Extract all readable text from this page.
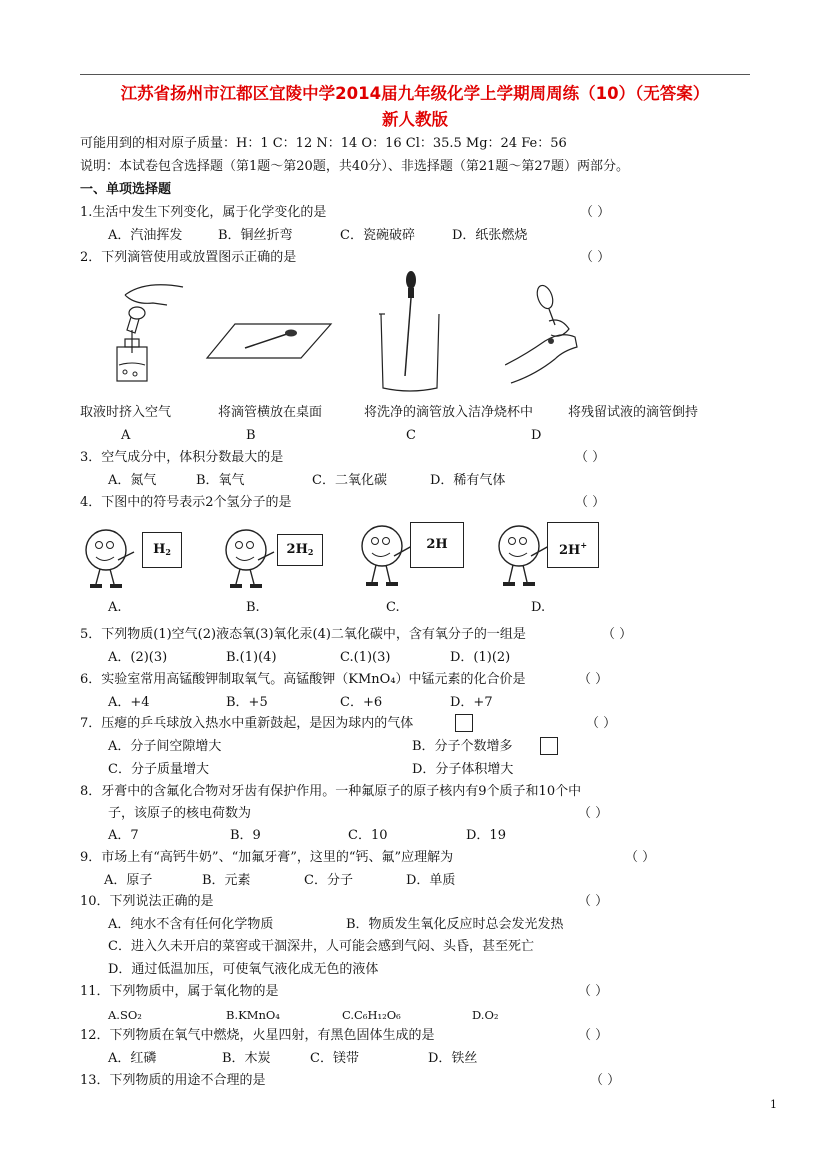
江苏省扬州市江都区宜陵中学2014届九年级化学上学期周周练（10）（无答案）
新人教版
可能用到的相对原子质量：H：1 C：12 N：14 O：16 Cl：35.5 Mg：24 Fe：56
说明：本试卷包含选择题（第1题～第20题，共40分）、非选择题（第21题～第27题）两部分。
一、单项选择题
1.生活中发生下列变化，属于化学变化的是	（ ）
A．汽油挥发	B．铜丝折弯	C．瓷碗破碎	D．纸张燃烧
2．下列滴管使用或放置图示正确的是	（ ）
取液时挤入空气	将滴管横放在桌面	将洗净的滴管放入洁净烧杯中	将残留试液的滴管倒持
A	B	C	D
3．空气成分中，体积分数最大的是	（ ）
A．氮气	B．氧气	C．二氧化碳	D．稀有气体
4．下图中的符号表示2个氢分子的是	（ ）
$H_2$	$2H_2$	2H	2H+
A.	B.	C.	D.
5．下列物质(1)空气(2)液态氧(3)氧化汞(4)二氧化碳中，含有氧分子的一组是	（ ）
A．(2)(3)	B.(1)(4)	C.(1)(3)	D．(1)(2)
6．实验室常用高锰酸钾制取氧气。高锰酸钾（KMnO₄）中锰元素的化合价是	（ ）
A．+4	B．+5	C．+6	D．+7
7．压瘪的乒乓球放入热水中重新鼓起，是因为球内的气体	（ ）
A．分子间空隙增大	B．分子个数增多
C．分子质量增大	D．分子体积增大
8．牙膏中的含氟化合物对牙齿有保护作用。一种氟原子的原子核内有9个质子和10个中
子，该原子的核电荷数为	（ ）
A．7	B．9	C．10	D．19
9．市场上有“高钙牛奶”、“加氟牙膏”，这里的“钙、氟”应理解为	（ ）
A．原子	B．元素	C．分子	D．单质
10．下列说法正确的是	（ ）
A．纯水不含有任何化学物质	B．物质发生氧化反应时总会发光发热
C．进入久未开启的菜窖或干涸深井，人可能会感到气闷、头昏，甚至死亡
D．通过低温加压，可使氧气液化成无色的液体
11．下列物质中，属于氧化物的是	（ ）
A.SO₂	B.KMnO₄	C.C₆H₁₂O₆	D.O₂
12．下列物质在氧气中燃烧，火星四射，有黑色固体生成的是	（ ）
A．红磷	B．木炭	C．镁带	D．铁丝
13．下列物质的用途不合理的是	（ ）
1
